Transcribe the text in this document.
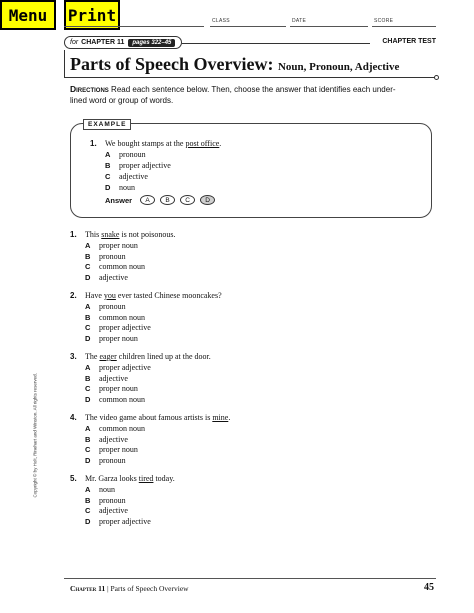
Menu	Print	CLASS	DATE	SCORE
for CHAPTER 11	pages 322–45	CHAPTER TEST
Parts of Speech Overview: Noun, Pronoun, Adjective
Directions Read each sentence below. Then, choose the answer that identifies each under-
lined word or group of words.
EXAMPLE
1. We bought stamps at the post office.
A pronoun
B proper adjective
C adjective
D noun
Answer	A	B	C	D
1. This snake is not poisonous.
A proper noun
B pronoun
C common noun
D adjective
2. Have you ever tasted Chinese mooncakes?
A pronoun
B common noun
C proper adjective
D proper noun
3. The eager children lined up at the door.
A proper adjective
B adjective
C proper noun
D common noun
4. The video game about famous artists is mine.
A common noun
B adjective
C proper noun
D pronoun
5. Mr. Garza looks tired today.
A noun
B pronoun
C adjective
D proper adjective
Copyright © by Holt, Rinehart and Winston. All rights reserved.
Chapter 11 | Parts of Speech Overview	45
